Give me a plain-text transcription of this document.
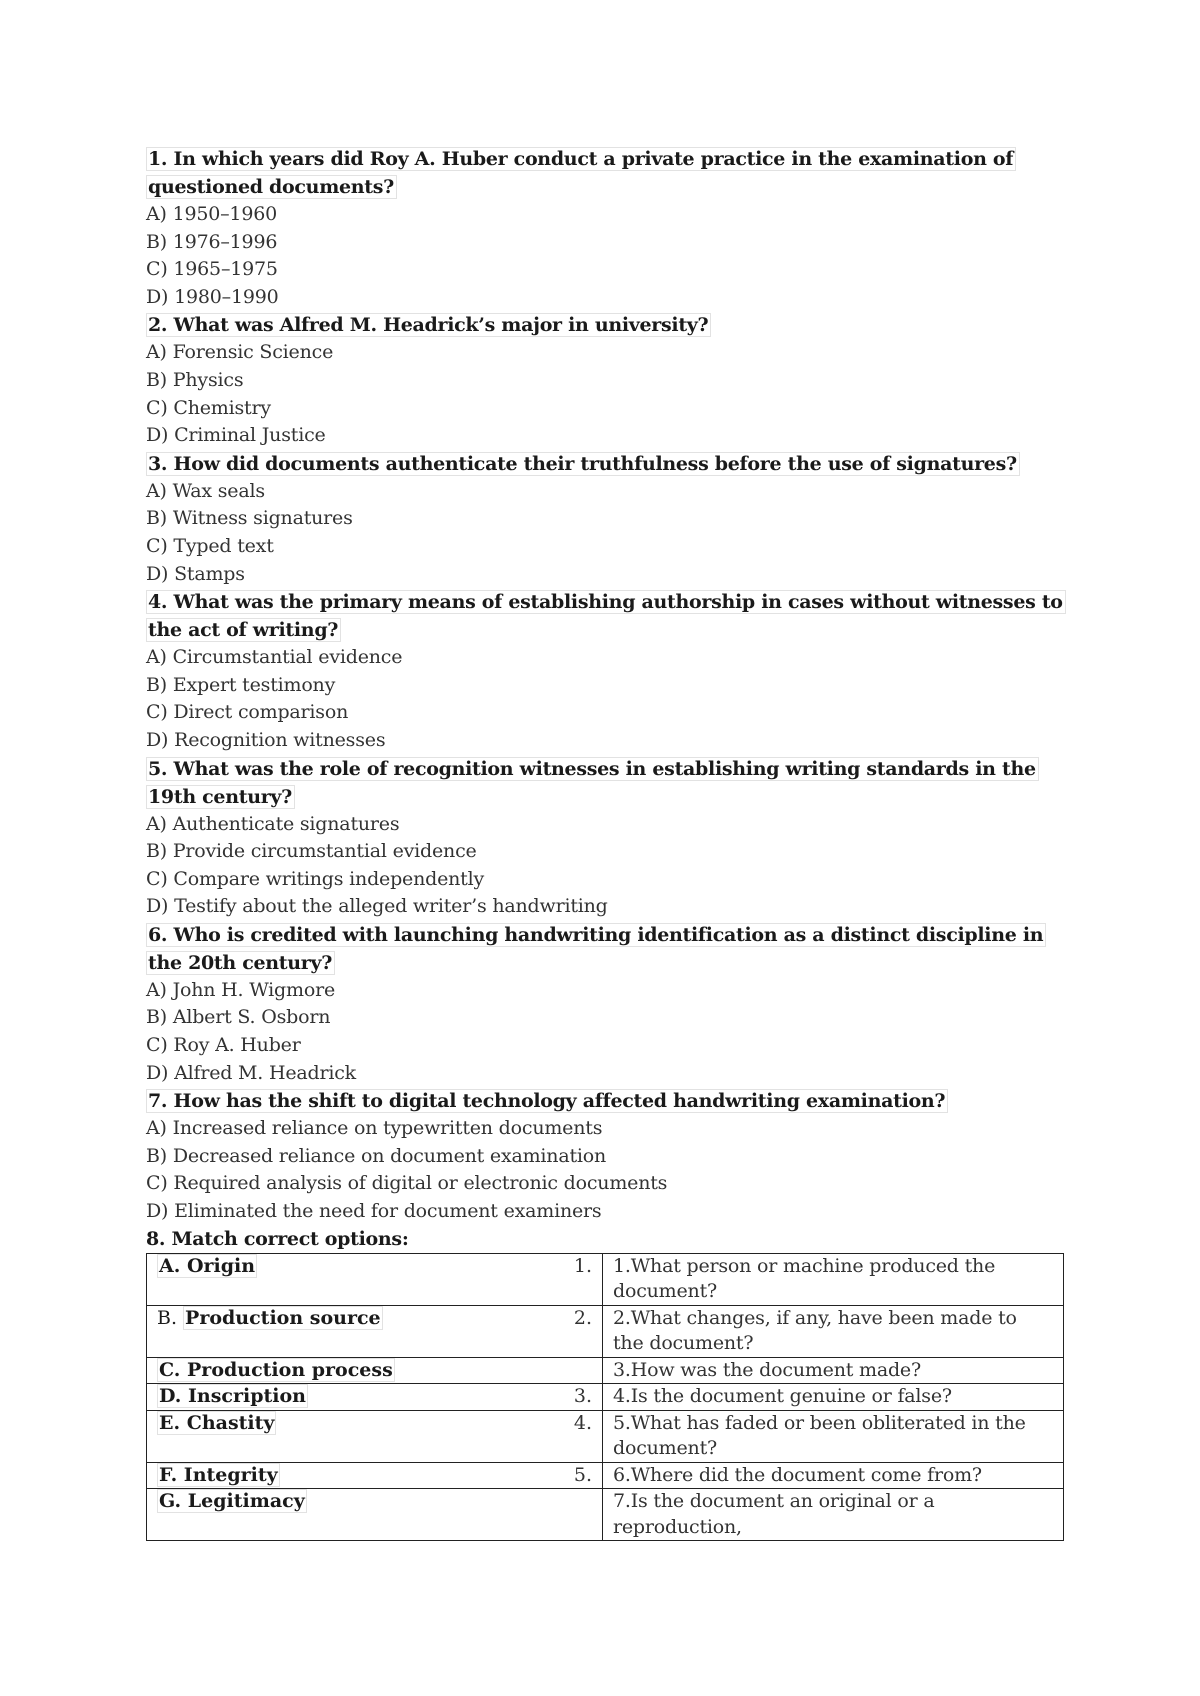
1. In which years did Roy A. Huber conduct a private practice in the examination of questioned documents?
A) 1950–1960
B) 1976–1996
C) 1965–1975
D) 1980–1990
2. What was Alfred M. Headrick’s major in university?
A) Forensic Science
B) Physics
C) Chemistry
D) Criminal Justice
3. How did documents authenticate their truthfulness before the use of signatures?
A) Wax seals
B) Witness signatures
C) Typed text
D) Stamps
4. What was the primary means of establishing authorship in cases without witnesses to the act of writing?
A) Circumstantial evidence
B) Expert testimony
C) Direct comparison
D) Recognition witnesses
5. What was the role of recognition witnesses in establishing writing standards in the 19th century?
A) Authenticate signatures
B) Provide circumstantial evidence
C) Compare writings independently
D) Testify about the alleged writer’s handwriting
6. Who is credited with launching handwriting identification as a distinct discipline in the 20th century?
A) John H. Wigmore
B) Albert S. Osborn
C) Roy A. Huber
D) Alfred M. Headrick
7. How has the shift to digital technology affected handwriting examination?
A) Increased reliance on typewritten documents
B) Decreased reliance on document examination
C) Required analysis of digital or electronic documents
D) Eliminated the need for document examiners
8. Match correct options:
A. Origin 1.	1.What person or machine produced the document?
B. Production source 2.	2.What changes, if any, have been made to the document?
C. Production process	3.How was the document made?
D. Inscription 3.	4.Is the document genuine or false?
E. Chastity 4.	5.What has faded or been obliterated in the document?
F. Integrity 5.	6.Where did the document come from?
G. Legitimacy	7.Is the document an original or a reproduction,
